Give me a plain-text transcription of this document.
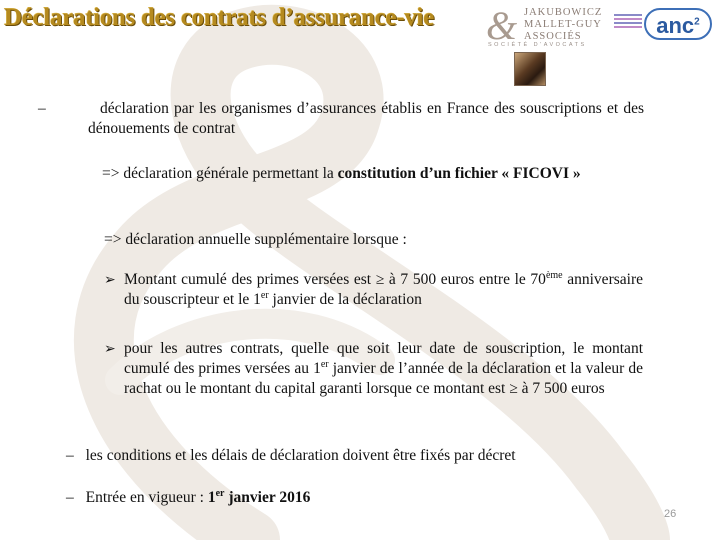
Déclarations des contrats d’assurance-vie & JAKUBOWICZ
MALLET-GUY
ASSOCIÉS
SOCIÉTÉ D'AVOCATS
anc$^2$
–	déclaration par les organismes d’assurances établis en France des souscriptions et des dénouements de contrat
=> déclaration générale permettant la constitution d’un fichier « FICOVI »
=> déclaration annuelle supplémentaire lorsque :
➢ Montant cumulé des primes versées est ≥ à 7 500 euros entre le 70ème anniversaire du souscripteur et le 1er janvier de la déclaration
➢ pour les autres contrats, quelle que soit leur date de souscription, le montant cumulé des primes versées au 1er janvier de l’année de la déclaration et la valeur de rachat ou le montant du capital garanti lorsque ce montant est ≥ à 7 500 euros
– les conditions et les délais de déclaration doivent être fixés par décret
– Entrée en vigueur : 1er janvier 2016
26
